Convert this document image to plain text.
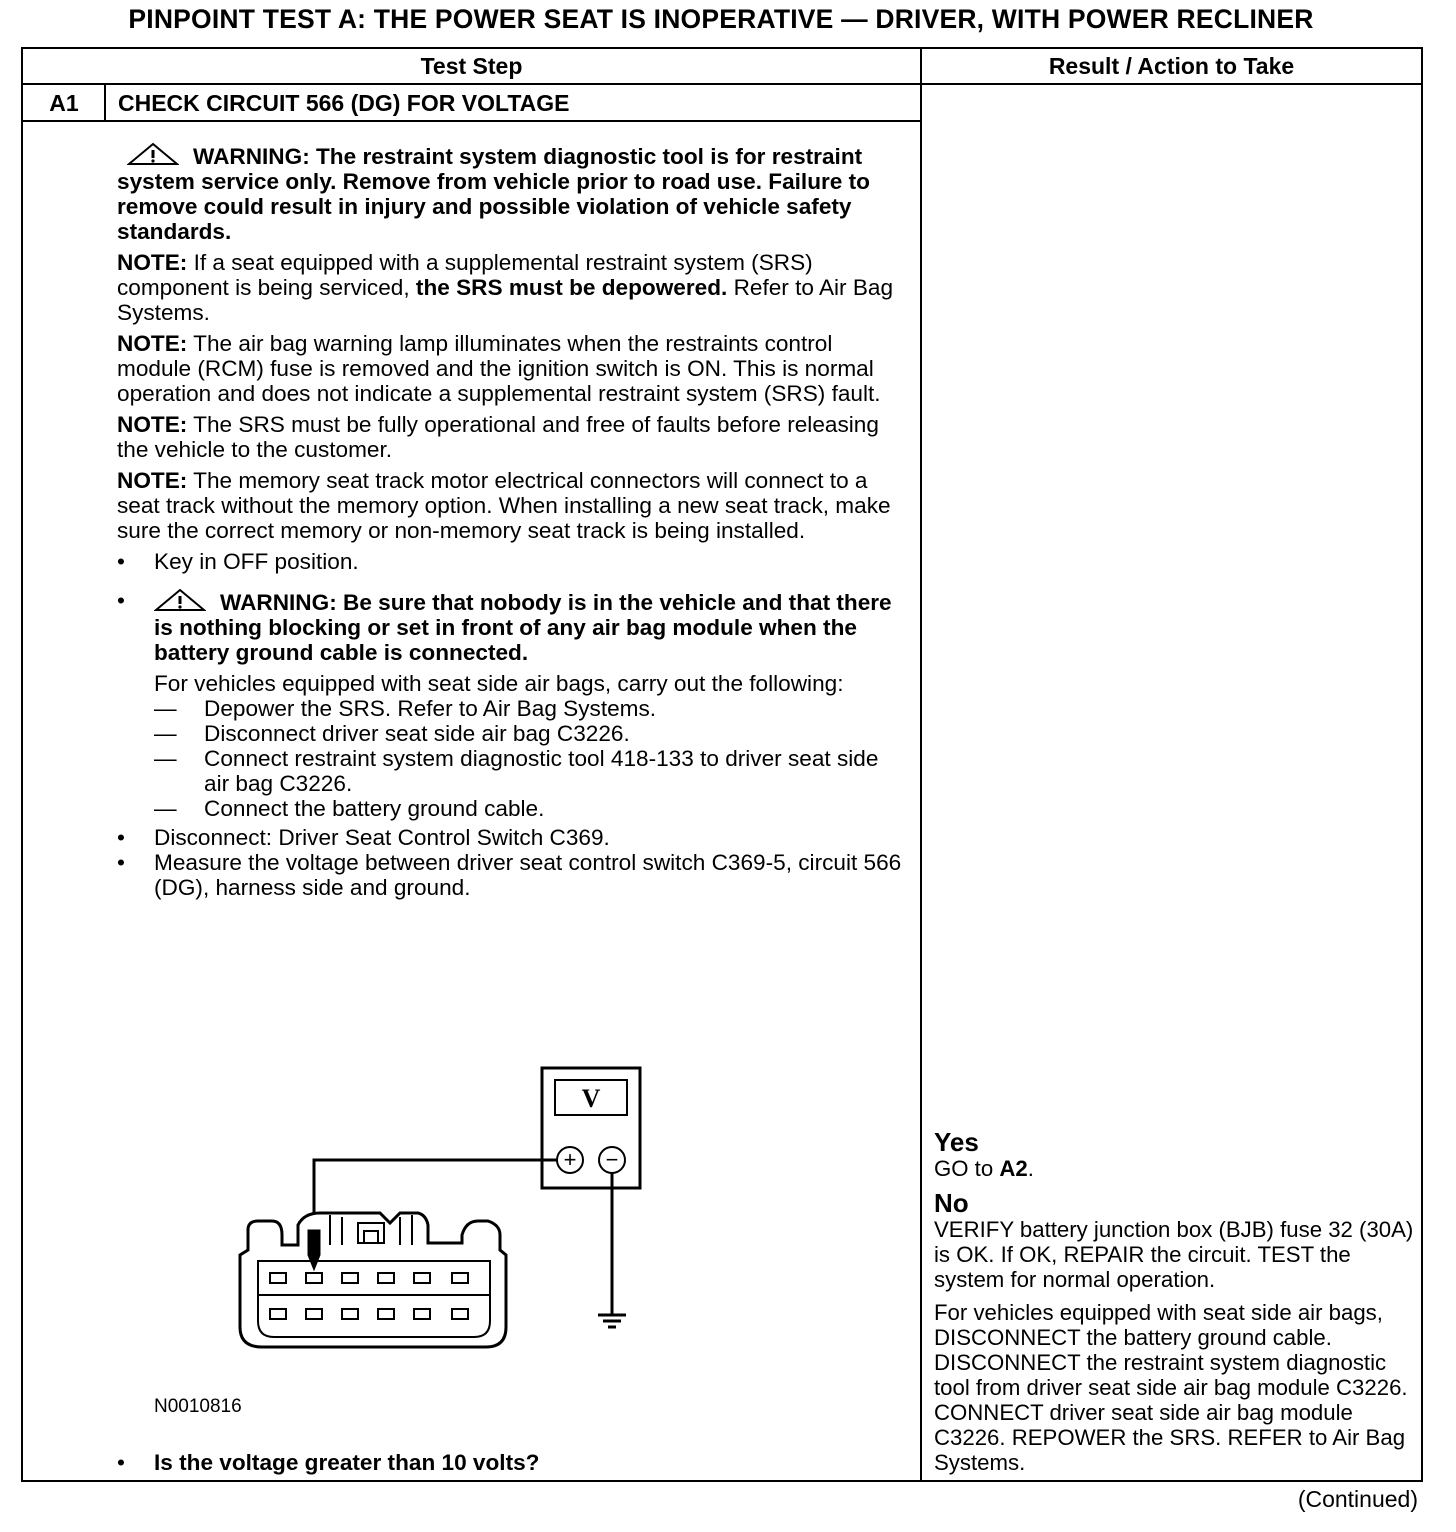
PINPOINT TEST A: THE POWER SEAT IS INOPERATIVE — DRIVER, WITH POWER RECLINER
Test Step	Result / Action to Take
A1	CHECK CIRCUIT 566 (DG) FOR VOLTAGE

WARNING: The restraint system diagnostic tool is for restraint system service only. Remove from vehicle prior to road use. Failure to remove could result in injury and possible violation of vehicle safety standards.

NOTE: If a seat equipped with a supplemental restraint system (SRS) component is being serviced, the SRS must be depowered. Refer to Air Bag Systems.

NOTE: The air bag warning lamp illuminates when the restraints control module (RCM) fuse is removed and the ignition switch is ON. This is normal operation and does not indicate a supplemental restraint system (SRS) fault.

NOTE: The SRS must be fully operational and free of faults before releasing the vehicle to the customer.

NOTE: The memory seat track motor electrical connectors will connect to a seat track without the memory option. When installing a new seat track, make sure the correct memory or non-memory seat track is being installed.

• Key in OFF position.
• WARNING: Be sure that nobody is in the vehicle and that there is nothing blocking or set in front of any air bag module when the battery ground cable is connected.
For vehicles equipped with seat side air bags, carry out the following:
— Depower the SRS. Refer to Air Bag Systems.
— Disconnect driver seat side air bag C3226.
— Connect restraint system diagnostic tool 418-133 to driver seat side air bag C3226.
— Connect the battery ground cable.
• Disconnect: Driver Seat Control Switch C369.
• Measure the voltage between driver seat control switch C369-5, circuit 566 (DG), harness side and ground.
V
+ −
N0010816
• Is the voltage greater than 10 volts?
Yes

GO to A2.

No

VERIFY battery junction box (BJB) fuse 32 (30A) is OK. If OK, REPAIR the circuit. TEST the system for normal operation.

For vehicles equipped with seat side air bags, DISCONNECT the battery ground cable. DISCONNECT the restraint system diagnostic tool from driver seat side air bag module C3226. CONNECT driver seat side air bag module C3226. REPOWER the SRS. REFER to Air Bag Systems.

(Continued)
